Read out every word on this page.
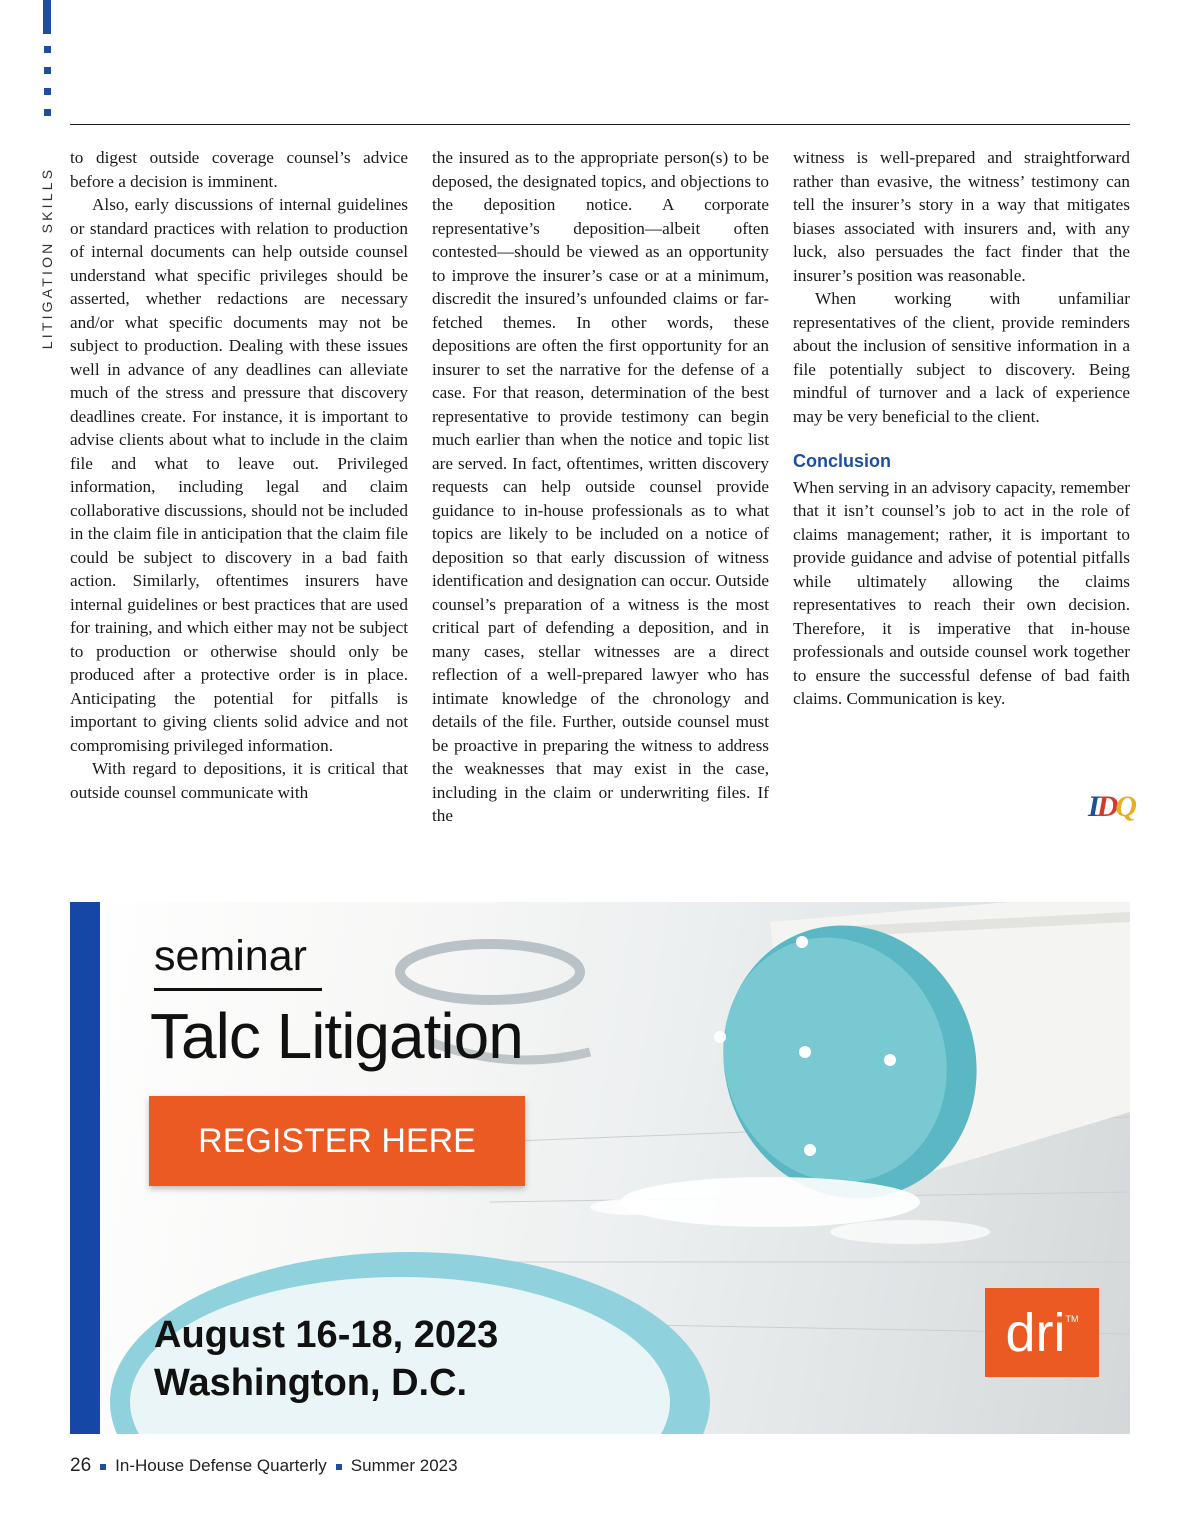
LITIGATION SKILLS

to digest outside coverage counsel’s advice before a decision is imminent.

Also, early discussions of internal guidelines or standard practices with relation to production of internal documents can help outside counsel understand what specific privileges should be asserted, whether redactions are necessary and/or what specific documents may not be subject to production. Dealing with these issues well in advance of any deadlines can alleviate much of the stress and pressure that discovery deadlines create. For instance, it is important to advise clients about what to include in the claim file and what to leave out. Privileged information, including legal and claim collaborative discussions, should not be included in the claim file in anticipation that the claim file could be subject to discovery in a bad faith action. Similarly, oftentimes insurers have internal guidelines or best practices that are used for training, and which either may not be subject to production or otherwise should only be produced after a protective order is in place. Anticipating the potential for pitfalls is important to giving clients solid advice and not compromising privileged information.

With regard to depositions, it is critical that outside counsel communicate with

the insured as to the appropriate person(s) to be deposed, the designated topics, and objections to the deposition notice. A corporate representative’s deposition—albeit often contested—should be viewed as an opportunity to improve the insurer’s case or at a minimum, discredit the insured’s unfounded claims or far-fetched themes. In other words, these depositions are often the first opportunity for an insurer to set the narrative for the defense of a case. For that reason, determination of the best representative to provide testimony can begin much earlier than when the notice and topic list are served. In fact, oftentimes, written discovery requests can help outside counsel provide guidance to in-house professionals as to what topics are likely to be included on a notice of deposition so that early discussion of witness identification and designation can occur. Outside counsel’s preparation of a witness is the most critical part of defending a deposition, and in many cases, stellar witnesses are a direct reflection of a well-prepared lawyer who has intimate knowledge of the chronology and details of the file. Further, outside counsel must be proactive in preparing the witness to address the weaknesses that may exist in the case, including in the claim or underwriting files. If the

witness is well-prepared and straightforward rather than evasive, the witness’ testimony can tell the insurer’s story in a way that mitigates biases associated with insurers and, with any luck, also persuades the fact finder that the insurer’s position was reasonable.

When working with unfamiliar representatives of the client, provide reminders about the inclusion of sensitive information in a file potentially subject to discovery. Being mindful of turnover and a lack of experience may be very beneficial to the client.

Conclusion

When serving in an advisory capacity, remember that it isn’t counsel’s job to act in the role of claims management; rather, it is important to provide guidance and advise of potential pitfalls while ultimately allowing the claims representatives to reach their own decision. Therefore, it is imperative that in-house professionals and outside counsel work together to ensure the successful defense of bad faith claims. Communication is key.

IDQ
seminar
Talc Litigation
REGISTER HERE
August 16-18, 2023
Washington, D.C.
dri™
26 In-House Defense Quarterly Summer 2023
